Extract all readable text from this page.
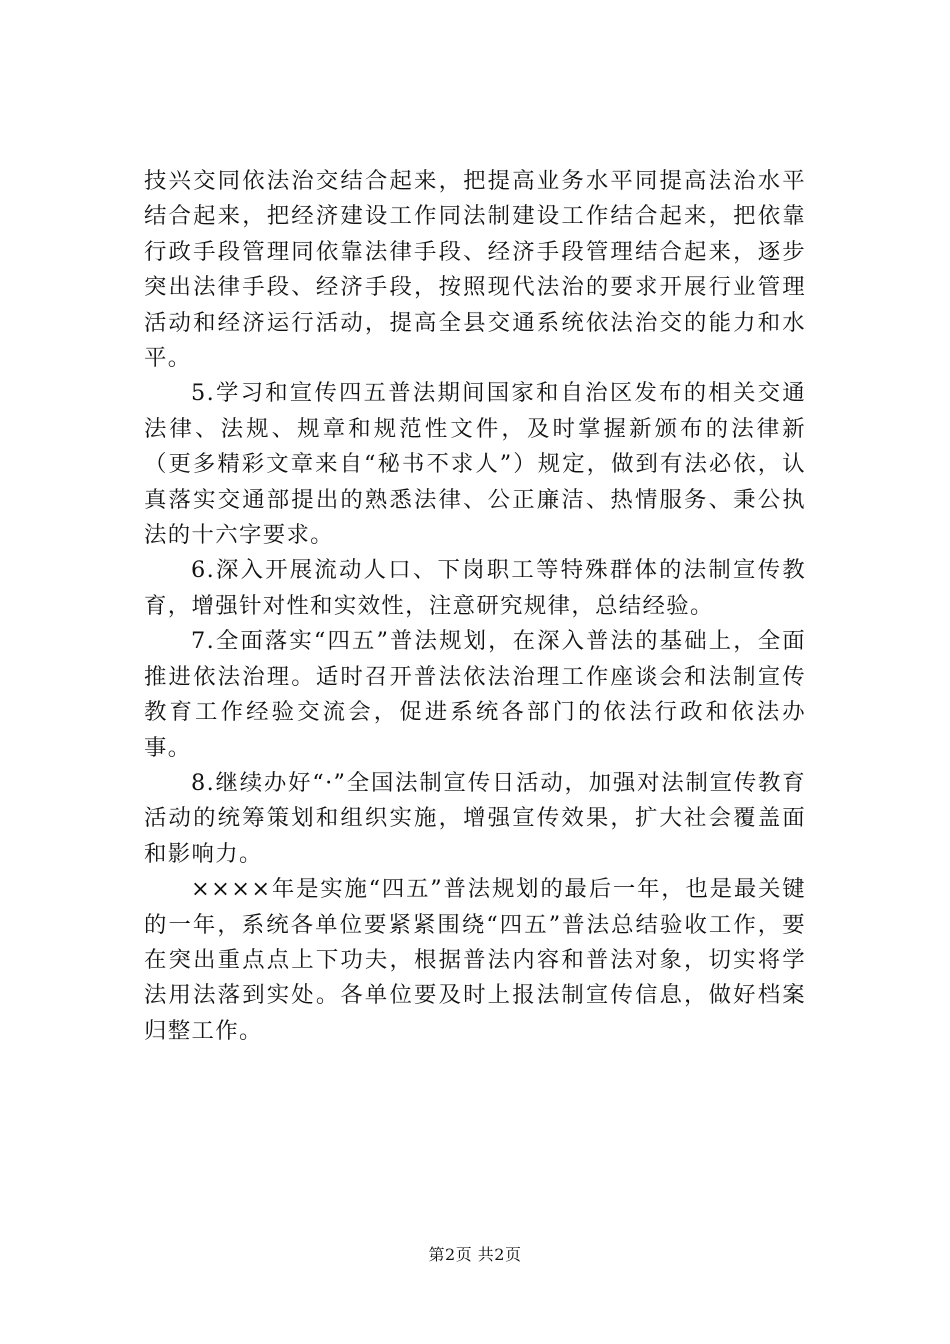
技兴交同依法治交结合起来，把提高业务水平同提高法治水平结合起来，把经济建设工作同法制建设工作结合起来，把依靠行政手段管理同依靠法律手段、经济手段管理结合起来，逐步突出法律手段、经济手段，按照现代法治的要求开展行业管理活动和经济运行活动，提高全县交通系统依法治交的能力和水平。

5.学习和宣传四五普法期间国家和自治区发布的相关交通法律、法规、规章和规范性文件，及时掌握新颁布的法律新（更多精彩文章来自“秘书不求人”）规定，做到有法必依，认真落实交通部提出的熟悉法律、公正廉洁、热情服务、秉公执法的十六字要求。

6.深入开展流动人口、下岗职工等特殊群体的法制宣传教育，增强针对性和实效性，注意研究规律，总结经验。

7.全面落实“四五”普法规划，在深入普法的基础上，全面推进依法治理。适时召开普法依法治理工作座谈会和法制宣传教育工作经验交流会，促进系统各部门的依法行政和依法办事。

8.继续办好“·”全国法制宣传日活动，加强对法制宣传教育活动的统筹策划和组织实施，增强宣传效果，扩大社会覆盖面和影响力。

××××年是实施“四五”普法规划的最后一年，也是最关键的一年，系统各单位要紧紧围绕“四五”普法总结验收工作，要在突出重点点上下功夫，根据普法内容和普法对象，切实将学法用法落到实处。各单位要及时上报法制宣传信息，做好档案归整工作。

第2页 共2页
